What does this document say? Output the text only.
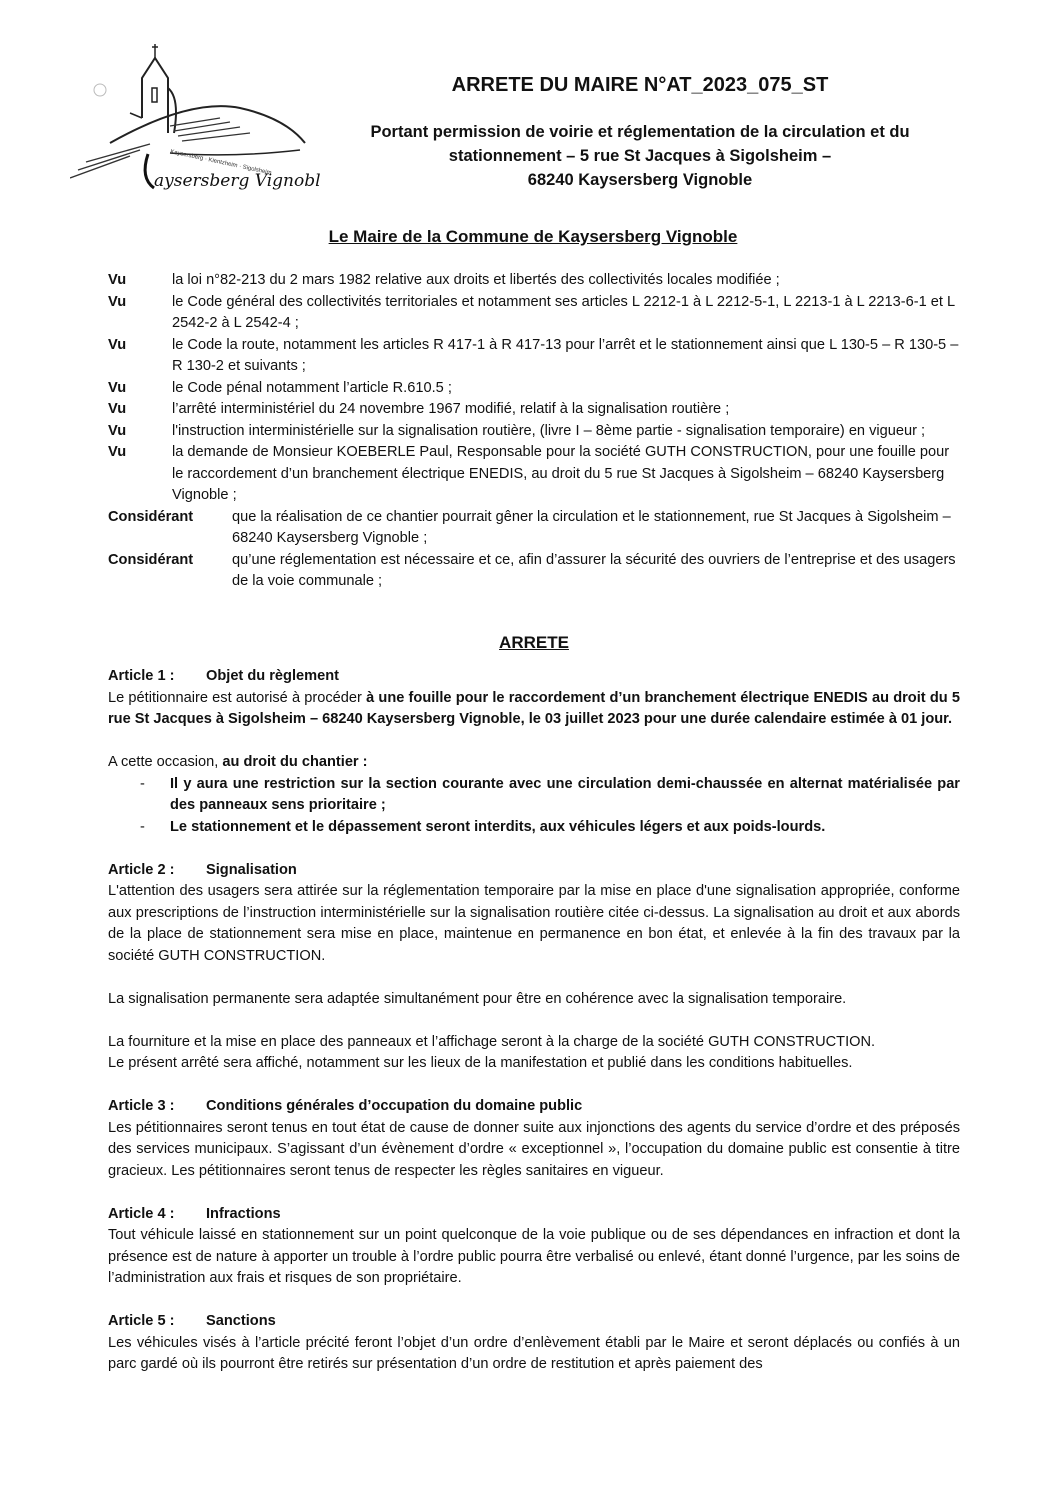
Kaysersberg · Kientzheim · Sigolsheim
aysersberg Vignoble
ARRETE DU MAIRE N°AT_2023_075_ST
Portant permission de voirie et réglementation de la circulation et du
stationnement – 5 rue St Jacques à Sigolsheim –
68240 Kaysersberg Vignoble
Le Maire de la Commune de Kaysersberg Vignoble
Vu	la loi n°82-213 du 2 mars 1982 relative aux droits et libertés des collectivités locales modifiée ;
Vu	le Code général des collectivités territoriales et notamment ses articles L 2212-1 à L 2212-5-1, L 2213-1 à L 2213-6-1 et L 2542-2 à L 2542-4 ;
Vu	le Code la route, notamment les articles R 417-1 à R 417-13 pour l’arrêt et le stationnement ainsi que L 130-5 – R 130-5 – R 130-2 et suivants ;
Vu	le Code pénal notamment l’article R.610.5 ;
Vu	l’arrêté interministériel du 24 novembre 1967 modifié, relatif à la signalisation routière ;
Vu	l'instruction interministérielle sur la signalisation routière, (livre I – 8ème partie - signalisation temporaire) en vigueur ;
Vu	la demande de Monsieur KOEBERLE Paul, Responsable pour la société GUTH CONSTRUCTION, pour une fouille pour le raccordement d’un branchement électrique ENEDIS, au droit du 5 rue St Jacques à Sigolsheim – 68240 Kaysersberg Vignoble ;
Considérant	que la réalisation de ce chantier pourrait gêner la circulation et le stationnement, rue St Jacques à Sigolsheim – 68240 Kaysersberg Vignoble ;
Considérant	qu’une réglementation est nécessaire et ce, afin d’assurer la sécurité des ouvriers de l’entreprise et des usagers de la voie communale ;
ARRETE
Article 1 :	Objet du règlement

Le pétitionnaire est autorisé à procéder à une fouille pour le raccordement d’un branchement électrique ENEDIS au droit du 5 rue St Jacques à Sigolsheim – 68240 Kaysersberg Vignoble, le 03 juillet 2023 pour une durée calendaire estimée à 01 jour.

A cette occasion, au droit du chantier :

-	Il y aura une restriction sur la section courante avec une circulation demi-chaussée en alternat matérialisée par des panneaux sens prioritaire ;
-	Le stationnement et le dépassement seront interdits, aux véhicules légers et aux poids-lourds.
Article 2 :	Signalisation

L'attention des usagers sera attirée sur la réglementation temporaire par la mise en place d'une signalisation appropriée, conforme aux prescriptions de l’instruction interministérielle sur la signalisation routière citée ci-dessus. La signalisation au droit et aux abords de la place de stationnement sera mise en place, maintenue en permanence en bon état, et enlevée à la fin des travaux par la société GUTH CONSTRUCTION.

La signalisation permanente sera adaptée simultanément pour être en cohérence avec la signalisation temporaire.

La fourniture et la mise en place des panneaux et l’affichage seront à la charge de la société GUTH CONSTRUCTION.

Le présent arrêté sera affiché, notamment sur les lieux de la manifestation et publié dans les conditions habituelles.

Article 3 :	Conditions générales d’occupation du domaine public

Les pétitionnaires seront tenus en tout état de cause de donner suite aux injonctions des agents du service d’ordre et des préposés des services municipaux. S’agissant d’un évènement d’ordre « exceptionnel », l’occupation du domaine public est consentie à titre gracieux. Les pétitionnaires seront tenus de respecter les règles sanitaires en vigueur.

Article 4 :	Infractions

Tout véhicule laissé en stationnement sur un point quelconque de la voie publique ou de ses dépendances en infraction et dont la présence est de nature à apporter un trouble à l’ordre public pourra être verbalisé ou enlevé, étant donné l’urgence, par les soins de l’administration aux frais et risques de son propriétaire.

Article 5 :	Sanctions

Les véhicules visés à l’article précité feront l’objet d’un ordre d’enlèvement établi par le Maire et seront déplacés ou confiés à un parc gardé où ils pourront être retirés sur présentation d’un ordre de restitution et après paiement des
